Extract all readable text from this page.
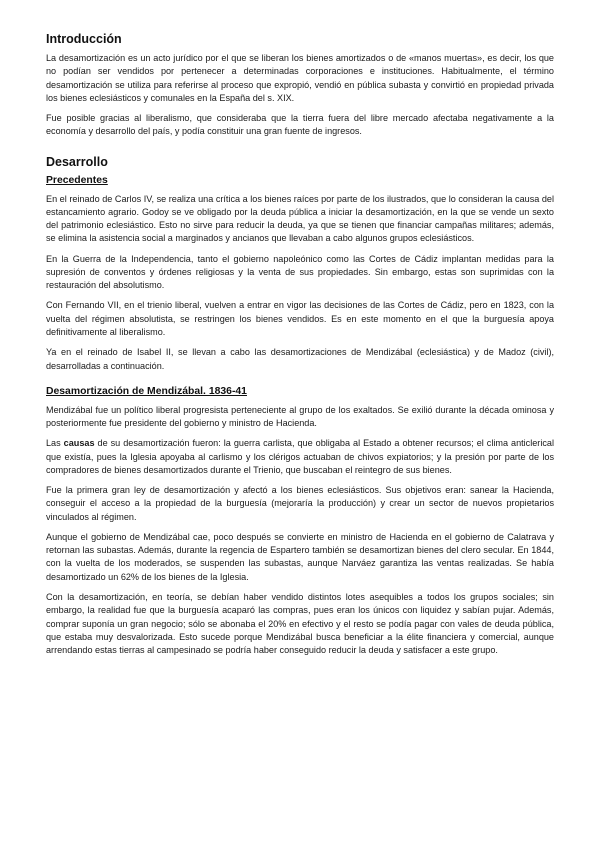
Introducción

La desamortización es un acto jurídico por el que se liberan los bienes amortizados o de «manos muertas», es decir, los que no podían ser vendidos por pertenecer a determinadas corporaciones e instituciones. Habitualmente, el término desamortización se utiliza para referirse al proceso que expropió, vendió en pública subasta y convirtió en propiedad privada los bienes eclesiásticos y comunales en la España del s. XIX.

Fue posible gracias al liberalismo, que consideraba que la tierra fuera del libre mercado afectaba negativamente a la economía y desarrollo del país, y podía constituir una gran fuente de ingresos.

Desarrollo
Precedentes

En el reinado de Carlos IV, se realiza una crítica a los bienes raíces por parte de los ilustrados, que lo consideran la causa del estancamiento agrario. Godoy se ve obligado por la deuda pública a iniciar la desamortización, en la que se vende un sexto del patrimonio eclesiástico. Esto no sirve para reducir la deuda, ya que se tienen que financiar campañas militares; además, se elimina la asistencia social a marginados y ancianos que llevaban a cabo algunos grupos eclesiásticos.

En la Guerra de la Independencia, tanto el gobierno napoleónico como las Cortes de Cádiz implantan medidas para la supresión de conventos y órdenes religiosas y la venta de sus propiedades. Sin embargo, estas son suprimidas con la restauración del absolutismo.

Con Fernando VII, en el trienio liberal, vuelven a entrar en vigor las decisiones de las Cortes de Cádiz, pero en 1823, con la vuelta del régimen absolutista, se restringen los bienes vendidos. Es en este momento en el que la burguesía apoya definitivamente al liberalismo.

Ya en el reinado de Isabel II, se llevan a cabo las desamortizaciones de Mendizábal (eclesiástica) y de Madoz (civil), desarrolladas a continuación.

Desamortización de Mendizábal. 1836-41

Mendizábal fue un político liberal progresista perteneciente al grupo de los exaltados. Se exilió durante la década ominosa y posteriormente fue presidente del gobierno y ministro de Hacienda.

Las causas de su desamortización fueron: la guerra carlista, que obligaba al Estado a obtener recursos; el clima anticlerical que existía, pues la Iglesia apoyaba al carlismo y los clérigos actuaban de chivos expiatorios; y la presión por parte de los compradores de bienes desamortizados durante el Trienio, que buscaban el reintegro de sus bienes.

Fue la primera gran ley de desamortización y afectó a los bienes eclesiásticos. Sus objetivos eran: sanear la Hacienda, conseguir el acceso a la propiedad de la burguesía (mejoraría la producción) y crear un sector de nuevos propietarios vinculados al régimen.

Aunque el gobierno de Mendizábal cae, poco después se convierte en ministro de Hacienda en el gobierno de Calatrava y retornan las subastas. Además, durante la regencia de Espartero también se desamortizan bienes del clero secular. En 1844, con la vuelta de los moderados, se suspenden las subastas, aunque Narváez garantiza las ventas realizadas. Se había desamortizado un 62% de los bienes de la Iglesia.

Con la desamortización, en teoría, se debían haber vendido distintos lotes asequibles a todos los grupos sociales; sin embargo, la realidad fue que la burguesía acaparó las compras, pues eran los únicos con liquidez y sabían pujar. Además, comprar suponía un gran negocio; sólo se abonaba el 20% en efectivo y el resto se podía pagar con vales de deuda pública, que estaba muy desvalorizada. Esto sucede porque Mendizábal busca beneficiar a la élite financiera y comercial, aunque arrendando estas tierras al campesinado se podría haber conseguido reducir la deuda y satisfacer a este grupo.
